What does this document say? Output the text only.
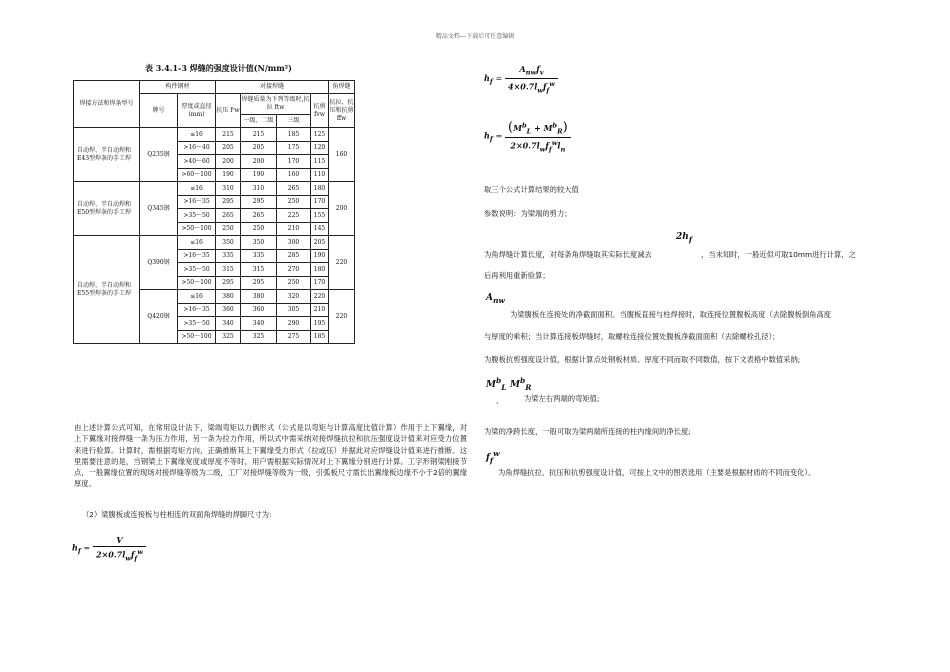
精品文档---下载后可任意编辑
表 3.4.1-3 焊缝的强度设计值(N/mm²)
焊接方法和焊条型号	构件钢材		对接焊缝				角焊缝
	牌号	厚度或直径(mm)	抗压 fᶜw	焊缝质量为下列等级时,抗拉 ftw		抗剪 fvw	抗拉、抗压和抗剪 ffw
				一级、二级	三级		
自动焊、半自动焊和E43型焊条的手工焊	Q235钢	≤16	215	215	185	125	160
		>16～40	205	205	175	120	
		>40～60	200	200	170	115	
		>60～100	190	190	160	110	
自动焊、半自动焊和E50型焊条的手工焊	Q345钢	≤16	310	310	265	180	200
		>16～35	295	295	250	170	
		>35～50	265	265	225	155	
		>50～100	250	250	210	145	
自动焊、半自动焊和E55型焊条的手工焊	Q390钢	≤16	350	350	300	205	220
		>16～35	335	335	285	190	
		>35～50	315	315	270	180	
		>50～100	295	295	250	170	
	Q420钢	≤16	380	380	320	220	220
		>16～35	360	360	305	210	
		>35～50	340	340	290	195	
		>50～100	325	325	275	185	
由上述计算公式可知，在常用设计法下，梁端弯矩以力偶形式（公式是以弯矩与计算高度比值计算）作用于上下翼缘，对上下翼缘对接焊缝一条为压力作用，另一条为拉力作用，所以式中需采纳对接焊缝抗拉和抗压强度设计值来对应受力位置来进行验算。计算时，需根据弯矩方向，正确推断其上下翼缘受力形式（拉或压）并据此对应焊缝设计值来进行推断。这里需要注意的是，当钢梁上下翼缘宽度或厚度不等时，用户需根据实际情况对上下翼缘分别进行计算。工字形钢梁刚接节点，一般翼缘位置的现场对接焊缝等级为二级，工厂对接焊缝等级为一级，引弧板尺寸需长出翼缘板边缘不小于2倍的翼缘厚度。
（2）梁腹板或连接板与柱相连的双面角焊缝的焊脚尺寸为:
$h_f = \frac{V}{2\times 0.7l_wf_f^w}$
$h_f = \frac{A_{nw}f_v}{4\times 0.7l_wf_f^w}$
$h_f = \frac{(M^b_L + M^b_R)}{2\times 0.7l_wf_f^wl_n}$
取三个公式计算结果的较大值
参数说明：为梁端的剪力；
$2h_f$
为角焊缝计算长度，对每条角焊缝取其实际长度减去	，当未知时，一般近似可取10mm进行计算，之
后再利用重新验算；
$A_{nw}$
为梁腹板在连接处的净截面面积。当腹板直接与柱焊接时，取连接位置腹板高度（去除腹板倒角高度
与厚度的乘积；当计算连接板焊缝时，取螺栓连接位置处腹板净截面面积（去除螺栓孔径）；
为腹板抗剪强度设计值，根据计算点处钢板材质、厚度不同而取不同数值，按下文表格中数值采纳;
$M^b_L$ $M^b_R$
、	为梁左右两端的弯矩值;
为梁的净跨长度，一般可取为梁两端所连接的柱内缘间的净长度;
$f_f^w$
为角焊缝抗拉、抗压和抗剪强度设计值，可按上文中的图表选用（主要是根据材质的不同而变化）。
